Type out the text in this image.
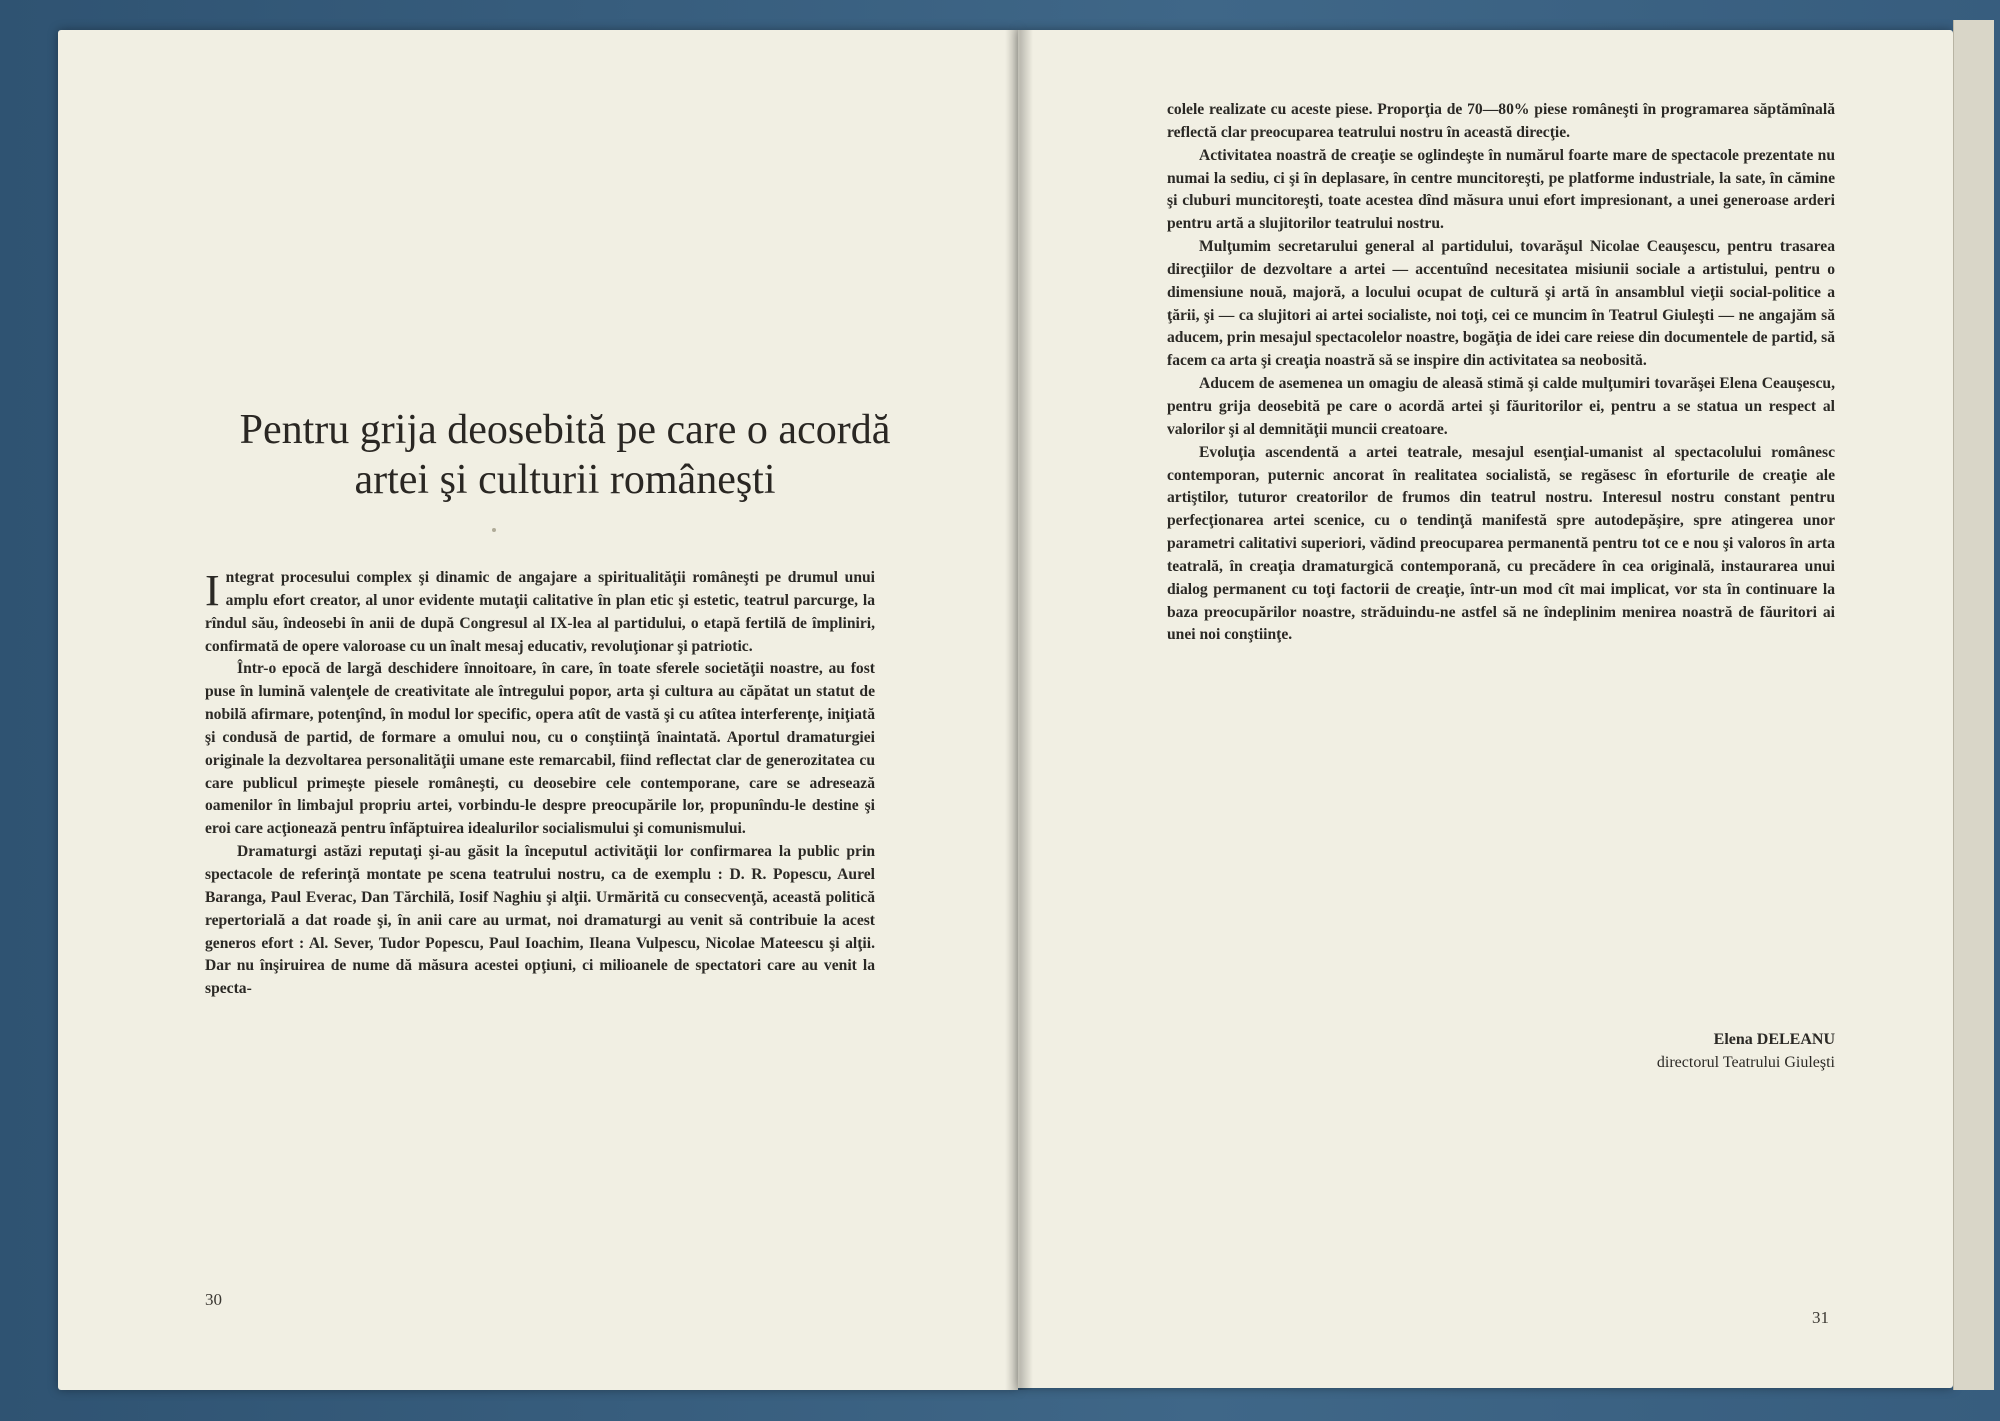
Pentru grija deosebită pe care o acordă
artei şi culturii româneşti

Integrat procesului complex şi dinamic de angajare a spiritualităţii româneşti pe drumul unui amplu efort creator, al unor evidente mutaţii calitative în plan etic şi estetic, teatrul parcurge, la rîndul său, îndeosebi în anii de după Congresul al IX-lea al partidului, o etapă fertilă de împliniri, confirmată de opere valoroase cu un înalt mesaj educativ, revoluţionar şi patriotic.

Într-o epocă de largă deschidere înnoitoare, în care, în toate sferele societăţii noastre, au fost puse în lumină valenţele de creativitate ale întregului popor, arta şi cultura au căpătat un statut de nobilă afirmare, potenţînd, în modul lor specific, opera atît de vastă şi cu atîtea interferenţe, iniţiată şi condusă de partid, de formare a omului nou, cu o conştiinţă înaintată. Aportul dramaturgiei originale la dezvoltarea personalităţii umane este remarcabil, fiind reflectat clar de generozitatea cu care publicul primeşte piesele româneşti, cu deosebire cele contemporane, care se adresează oamenilor în limbajul propriu artei, vorbindu-le despre preocupările lor, propunîndu-le destine şi eroi care acţionează pentru înfăptuirea idealurilor socialismului şi comunismului.

Dramaturgi astăzi reputaţi şi-au găsit la începutul activităţii lor confirmarea la public prin spectacole de referinţă montate pe scena teatrului nostru, ca de exemplu : D. R. Popescu, Aurel Baranga, Paul Everac, Dan Tărchilă, Iosif Naghiu şi alţii. Urmărită cu consecvenţă, această politică repertorială a dat roade şi, în anii care au urmat, noi dramaturgi au venit să contribuie la acest generos efort : Al. Sever, Tudor Popescu, Paul Ioachim, Ileana Vulpescu, Nicolae Mateescu şi alţii. Dar nu înşiruirea de nume dă măsura acestei opţiuni, ci milioanele de spectatori care au venit la specta-

30

colele realizate cu aceste piese. Proporţia de 70—80% piese româneşti în programarea săptămînală reflectă clar preocuparea teatrului nostru în această direcţie.

Activitatea noastră de creaţie se oglindeşte în numărul foarte mare de spectacole prezentate nu numai la sediu, ci şi în deplasare, în centre muncitoreşti, pe platforme industriale, la sate, în cămine şi cluburi muncitoreşti, toate acestea dînd măsura unui efort impresionant, a unei generoase arderi pentru artă a slujitorilor teatrului nostru.

Mulţumim secretarului general al partidului, tovarăşul Nicolae Ceauşescu, pentru trasarea direcţiilor de dezvoltare a artei — accentuînd necesitatea misiunii sociale a artistului, pentru o dimensiune nouă, majoră, a locului ocupat de cultură şi artă în ansamblul vieţii social-politice a ţării, şi — ca slujitori ai artei socialiste, noi toţi, cei ce muncim în Teatrul Giuleşti — ne angajăm să aducem, prin mesajul spectacolelor noastre, bogăţia de idei care reiese din documentele de partid, să facem ca arta şi creaţia noastră să se inspire din activitatea sa neobosită.

Aducem de asemenea un omagiu de aleasă stimă şi calde mulţumiri tovarăşei Elena Ceauşescu, pentru grija deosebită pe care o acordă artei şi făuritorilor ei, pentru a se statua un respect al valorilor şi al demnităţii muncii creatoare.

Evoluţia ascendentă a artei teatrale, mesajul esenţial-umanist al spectacolului românesc contemporan, puternic ancorat în realitatea socialistă, se regăsesc în eforturile de creaţie ale artiştilor, tuturor creatorilor de frumos din teatrul nostru. Interesul nostru constant pentru perfecţionarea artei scenice, cu o tendinţă manifestă spre autodepăşire, spre atingerea unor parametri calitativi superiori, vădind preocuparea permanentă pentru tot ce e nou şi valoros în arta teatrală, în creaţia dramaturgică contemporană, cu precădere în cea originală, instaurarea unui dialog permanent cu toţi factorii de creaţie, într-un mod cît mai implicat, vor sta în continuare la baza preocupărilor noastre, străduindu-ne astfel să ne îndeplinim menirea noastră de făuritori ai unei noi conştiinţe.

Elena DELEANU
directorul Teatrului Giuleşti
31
